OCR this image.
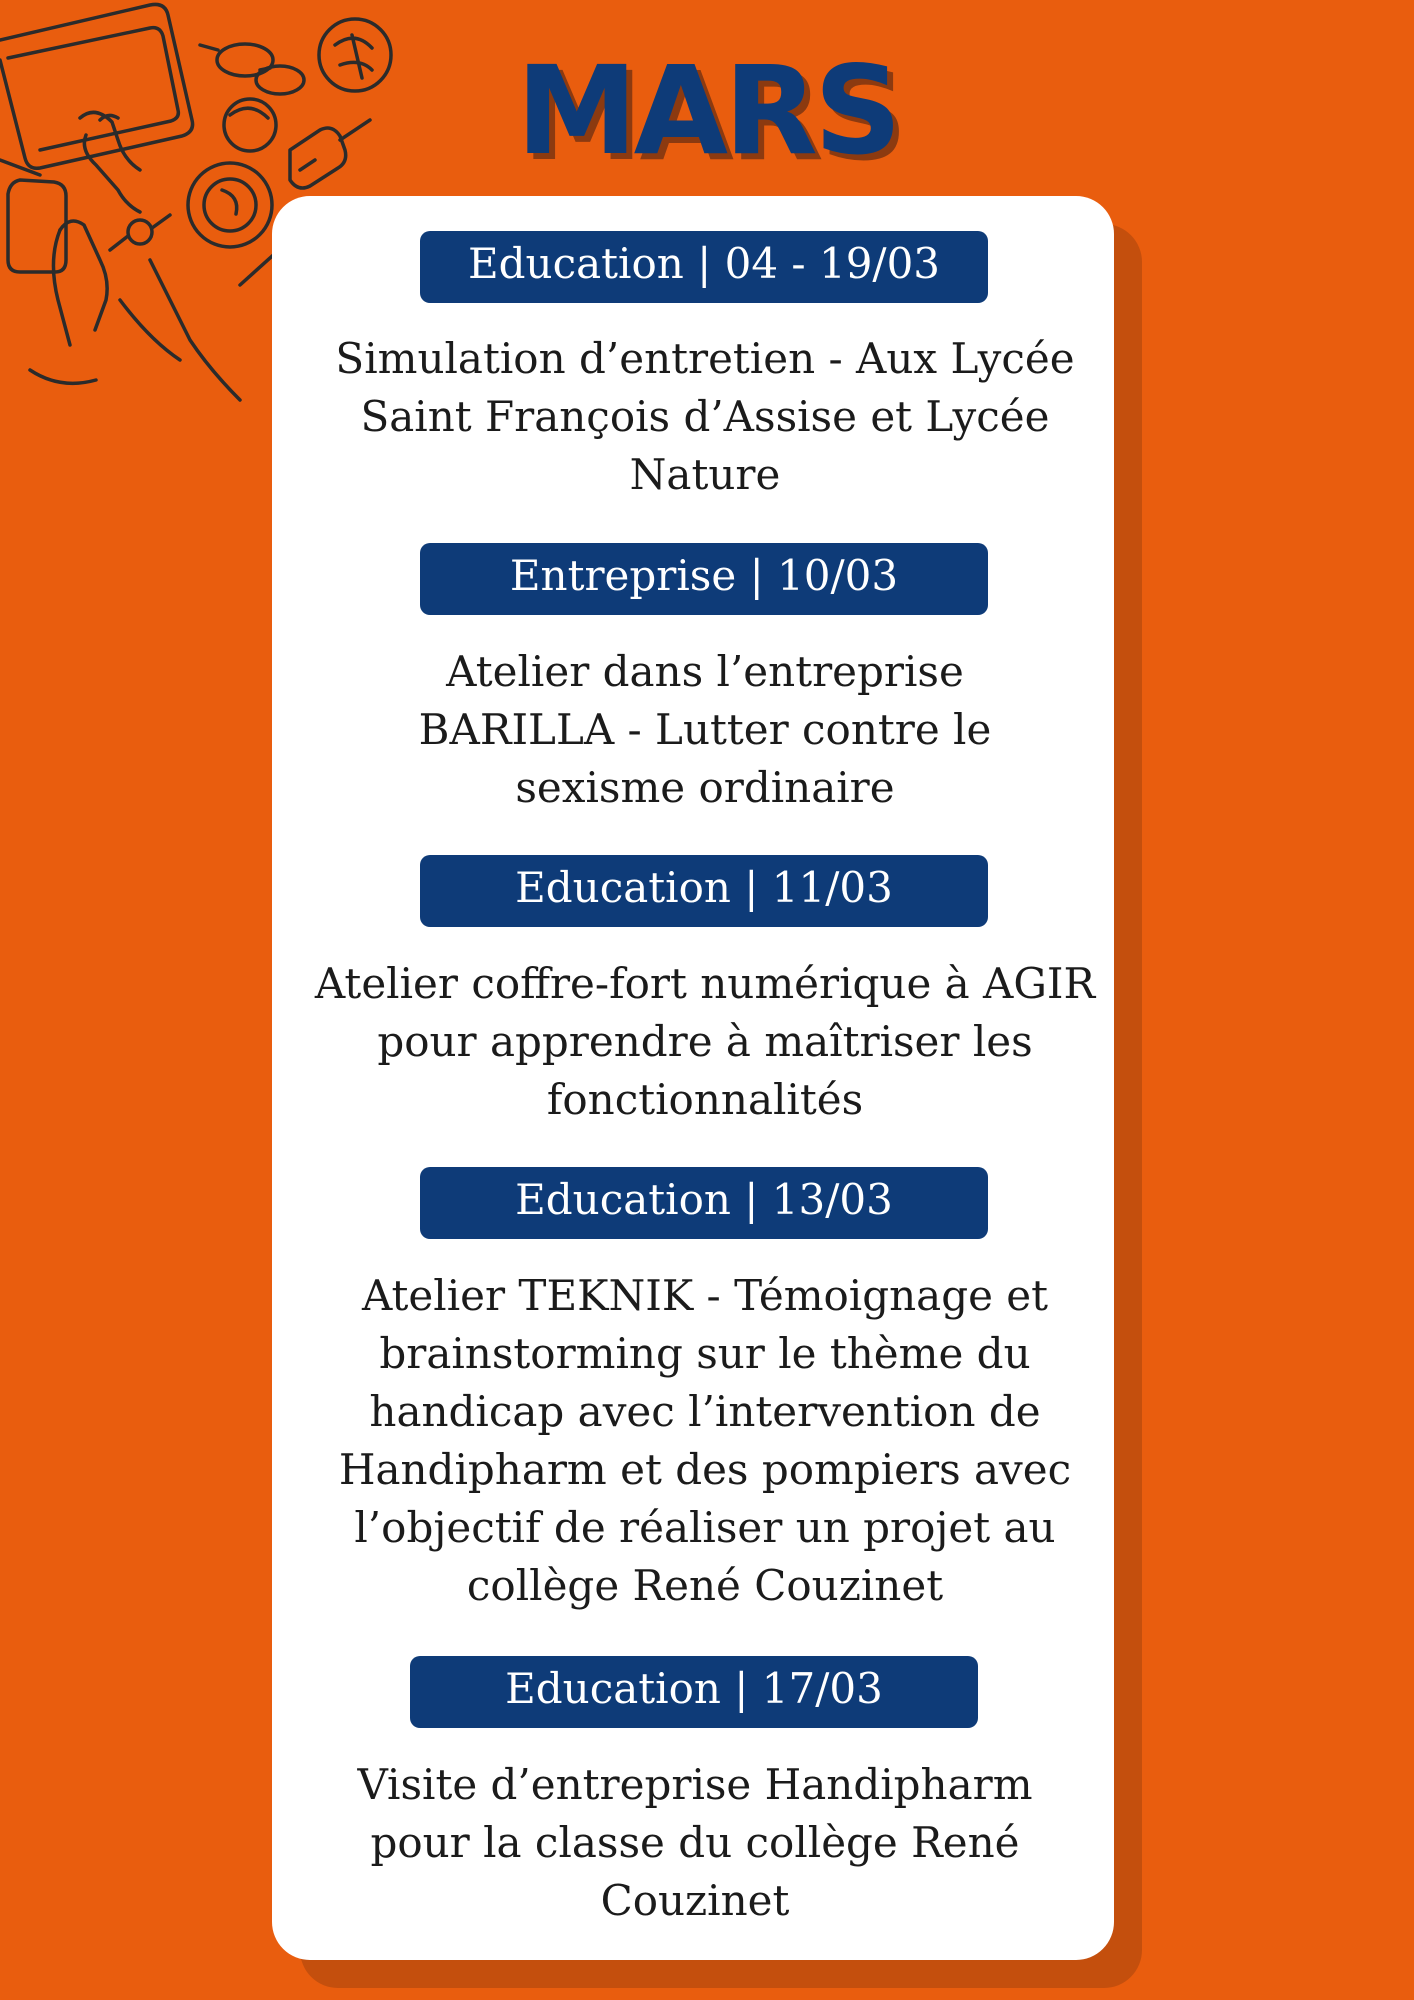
MARS
Education | 04 - 19/03

Simulation d’entretien - Aux Lycée Saint François d’Assise et Lycée Nature

Entreprise | 10/03

Atelier dans l’entreprise BARILLA - Lutter contre le sexisme ordinaire

Education | 11/03

Atelier coffre-fort numérique à AGIR pour apprendre à maîtriser les fonctionnalités

Education | 13/03

Atelier TEKNIK - Témoignage et brainstorming sur le thème du handicap avec l’intervention de Handipharm et des pompiers avec l’objectif de réaliser un projet au collège René Couzinet

Education | 17/03

Visite d’entreprise Handipharm pour la classe du collège René Couzinet
